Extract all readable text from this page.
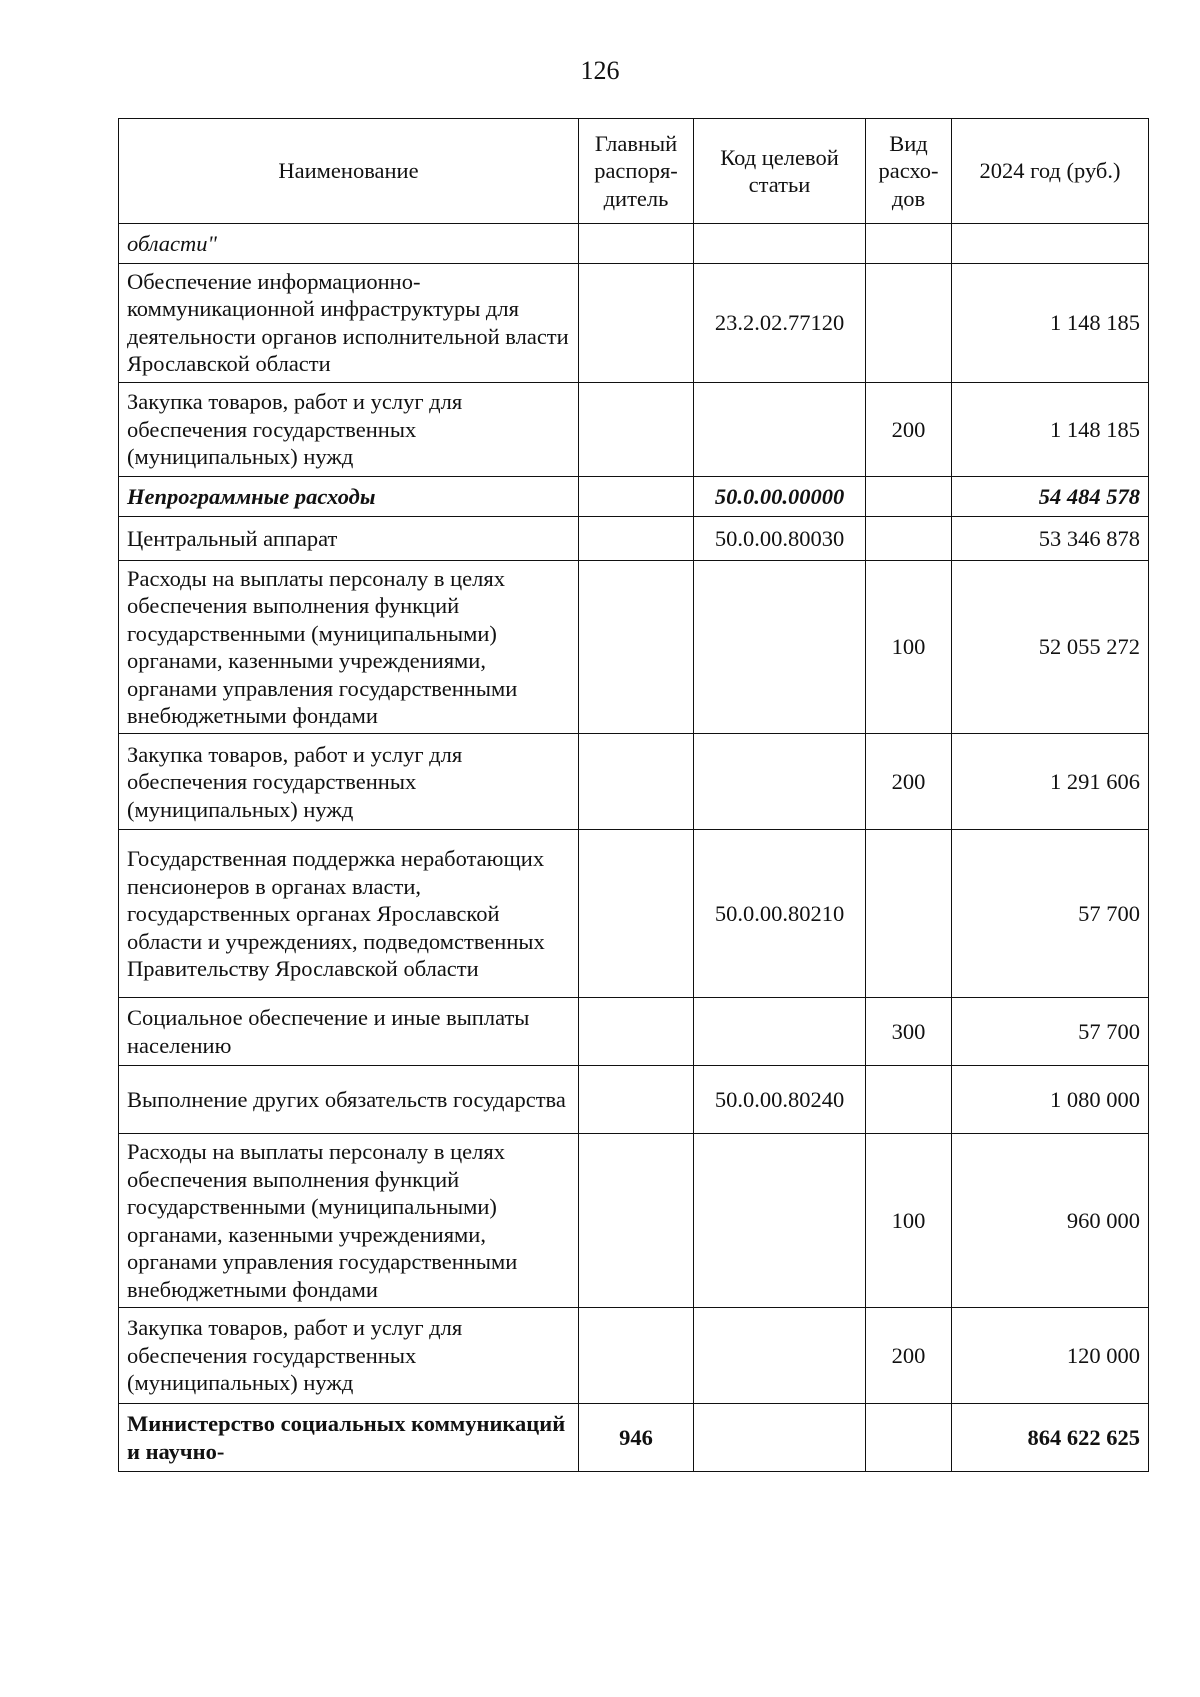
126
Наименование	Главный распоря-дитель	Код целевой статьи	Вид расхо-дов	2024 год (руб.)
области"				
Обеспечение информационно-коммуникационной инфраструктуры для деятельности органов исполнительной власти Ярославской области		23.2.02.77120		1 148 185
Закупка товаров, работ и услуг для обеспечения государственных (муниципальных) нужд			200	1 148 185
Непрограммные расходы		50.0.00.00000		54 484 578
Центральный аппарат		50.0.00.80030		53 346 878
Расходы на выплаты персоналу в целях обеспечения выполнения функций государственными (муниципальными) органами, казенными учреждениями, органами управления государственными внебюджетными фондами			100	52 055 272
Закупка товаров, работ и услуг для обеспечения государственных (муниципальных) нужд			200	1 291 606
Государственная поддержка неработающих пенсионеров в органах власти, государственных органах Ярославской области и учреждениях, подведомственных Правительству Ярославской области		50.0.00.80210		57 700
Социальное обеспечение и иные выплаты населению			300	57 700
Выполнение других обязательств государства		50.0.00.80240		1 080 000
Расходы на выплаты персоналу в целях обеспечения выполнения функций государственными (муниципальными) органами, казенными учреждениями, органами управления государственными внебюджетными фондами			100	960 000
Закупка товаров, работ и услуг для обеспечения государственных (муниципальных) нужд			200	120 000
Министерство социальных коммуникаций и научно-	946			864 622 625
